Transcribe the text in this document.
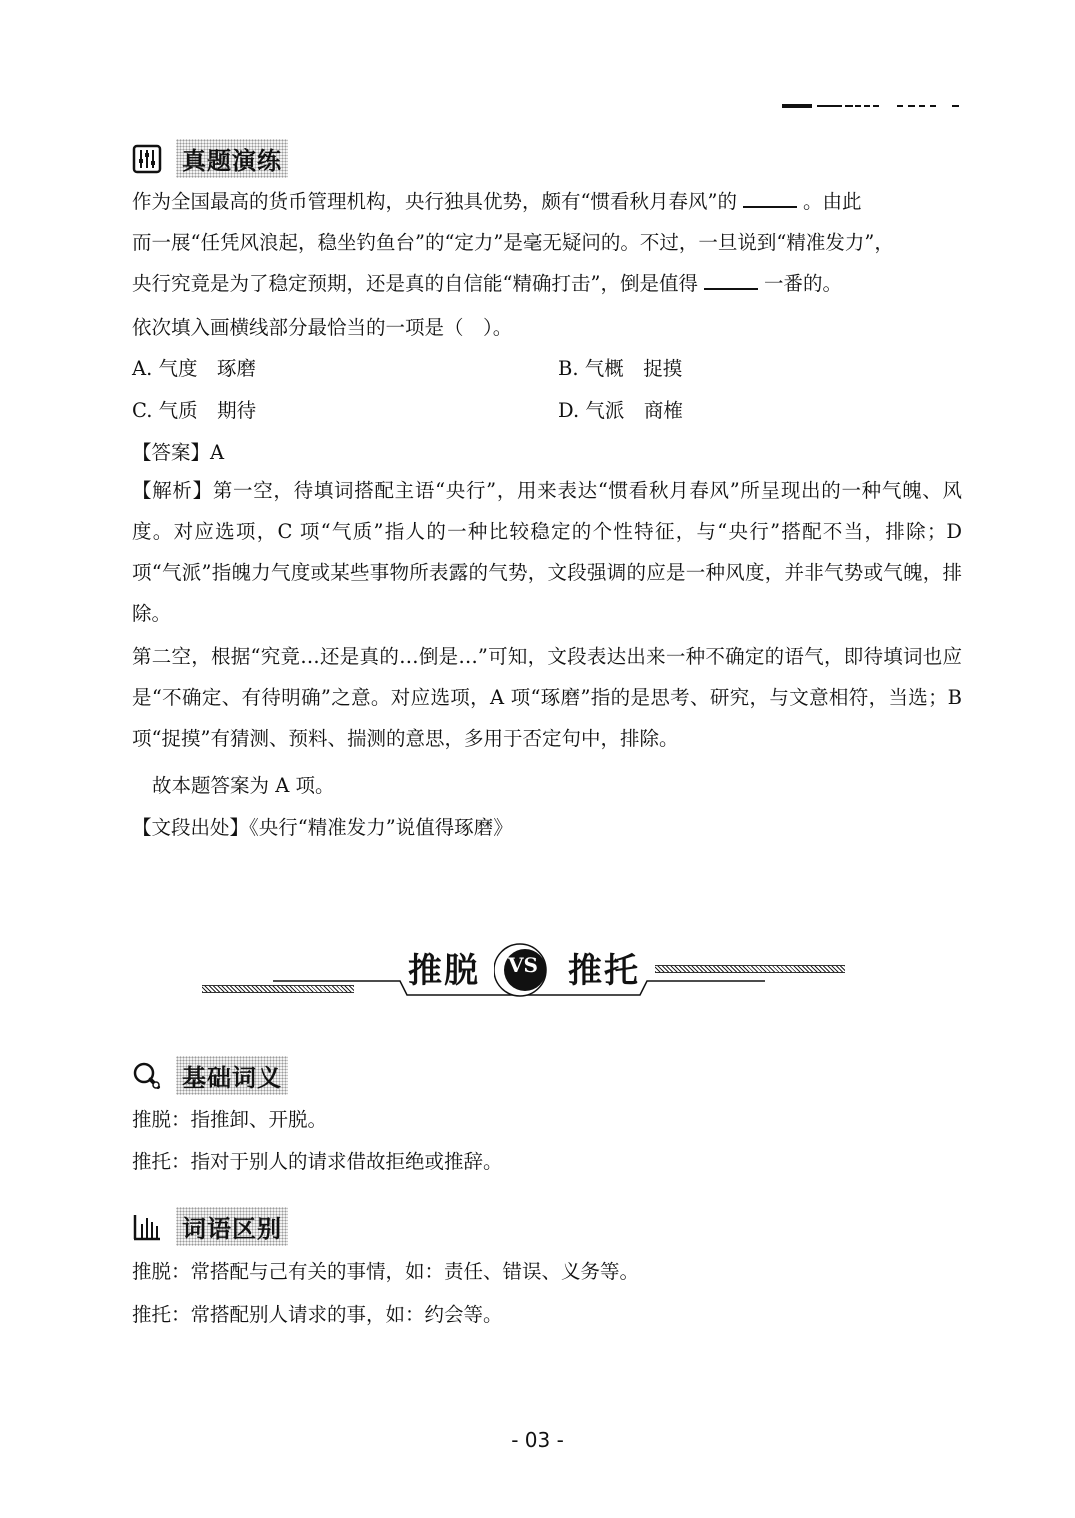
真题演练
作为全国最高的货币管理机构，央行独具优势，颇有“惯看秋月春风”的	。由此
而一展“任凭风浪起，稳坐钓鱼台”的“定力”是毫无疑问的。不过，一旦说到“精准发力”，
央行究竟是为了稳定预期，还是真的自信能“精确打击”，倒是值得	一番的。
依次填入画横线部分最恰当的一项是（　）。
A. 气度　琢磨	B. 气概　捉摸
C. 气质　期待	D. 气派　商榷
【答案】A
【解析】第一空，待填词搭配主语“央行”，用来表达“惯看秋月春风”所呈现出的一种气魄、风度。对应选项，C 项“气质”指人的一种比较稳定的个性特征，与“央行”搭配不当，排除；D 项“气派”指魄力气度或某些事物所表露的气势，文段强调的应是一种风度，并非气势或气魄，排除。
第二空，根据“究竟…还是真的…倒是…”可知，文段表达出来一种不确定的语气，即待填词也应是“不确定、有待明确”之意。对应选项，A 项“琢磨”指的是思考、研究，与文意相符，当选；B 项“捉摸”有猜测、预料、揣测的意思，多用于否定句中，排除。
故本题答案为 A 项。
【文段出处】《央行“精准发力”说值得琢磨》
推脱 VS 推托
基础词义
推脱：指推卸、开脱。
推托：指对于别人的请求借故拒绝或推辞。
词语区别
推脱：常搭配与己有关的事情，如：责任、错误、义务等。
推托：常搭配别人请求的事，如：约会等。
- 03 -
